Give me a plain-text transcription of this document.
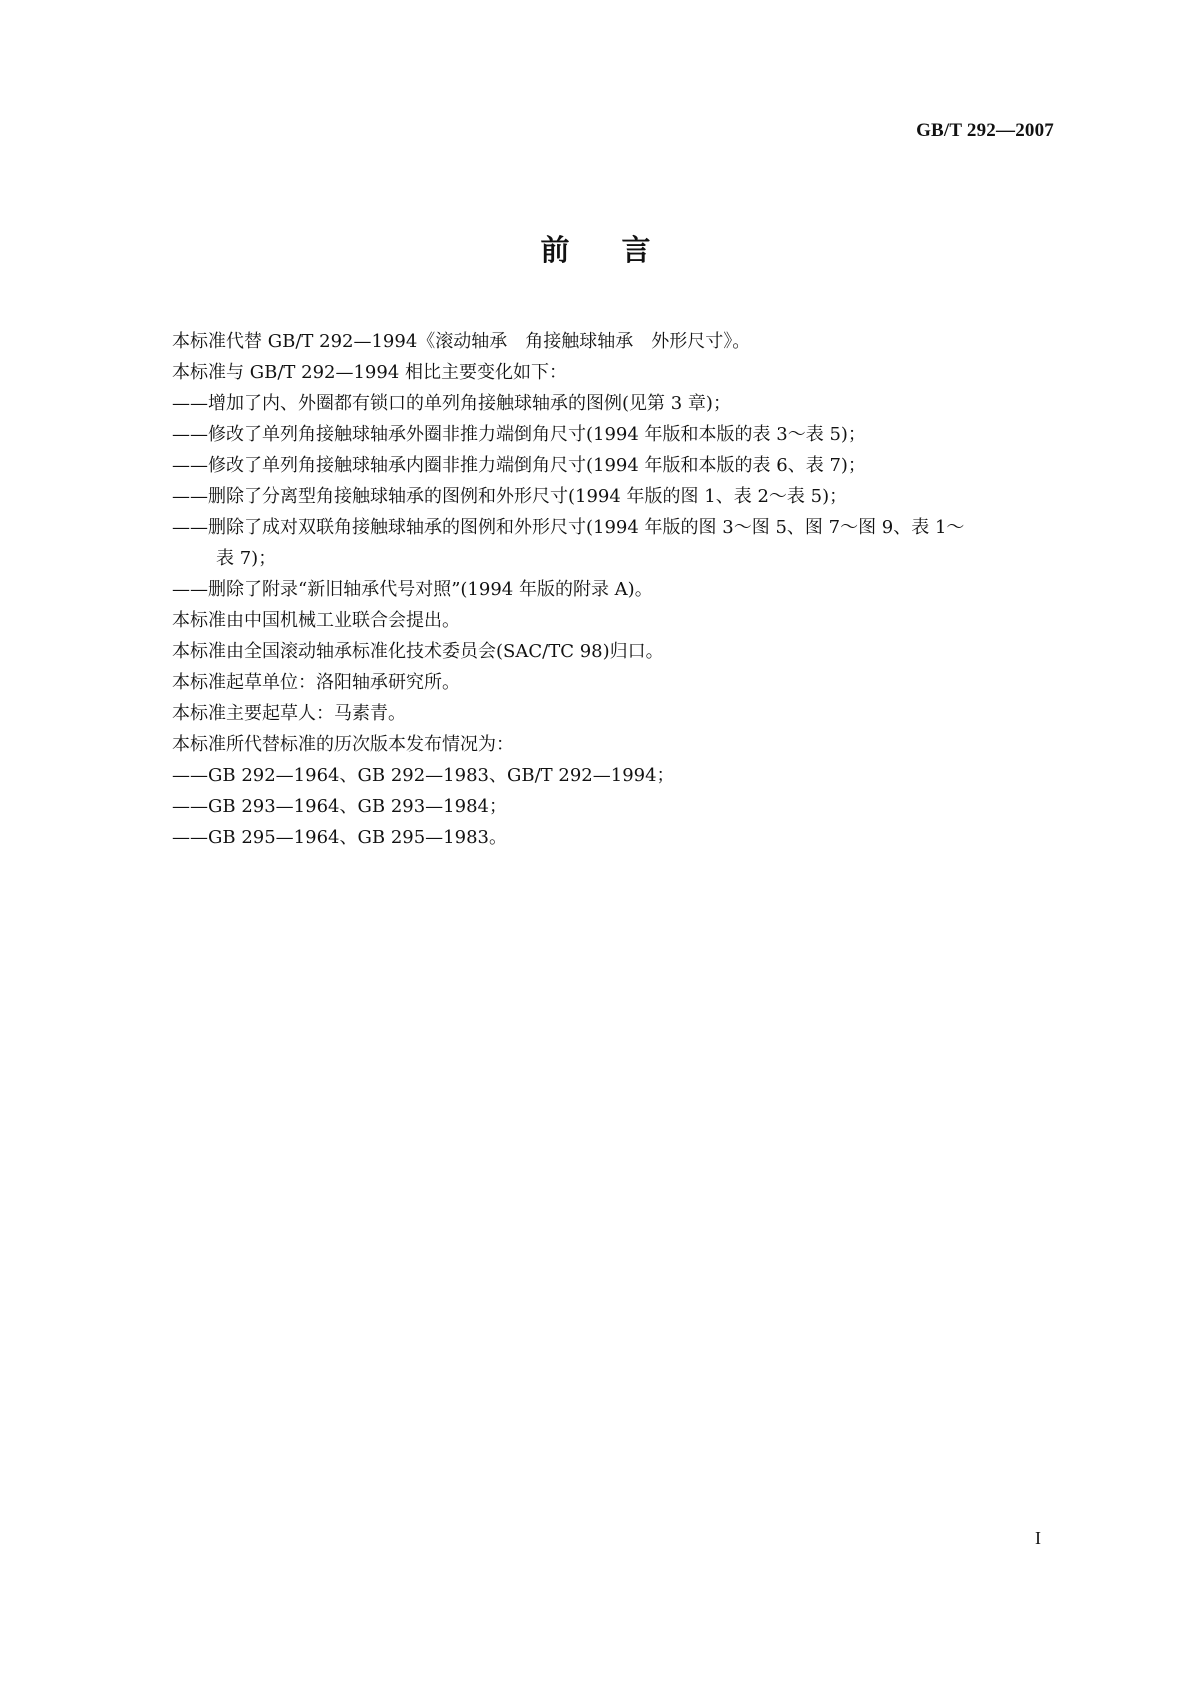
GB/T 292—2007
前言

本标准代替 GB/T 292—1994《滚动轴承　角接触球轴承　外形尺寸》。

本标准与 GB/T 292—1994 相比主要变化如下：

——增加了内、外圈都有锁口的单列角接触球轴承的图例(见第 3 章)；

——修改了单列角接触球轴承外圈非推力端倒角尺寸(1994 年版和本版的表 3～表 5)；

——修改了单列角接触球轴承内圈非推力端倒角尺寸(1994 年版和本版的表 6、表 7)；

——删除了分离型角接触球轴承的图例和外形尺寸(1994 年版的图 1、表 2～表 5)；

——删除了成对双联角接触球轴承的图例和外形尺寸(1994 年版的图 3～图 5、图 7～图 9、表 1～

表 7)；

——删除了附录“新旧轴承代号对照”(1994 年版的附录 A)。

本标准由中国机械工业联合会提出。

本标准由全国滚动轴承标准化技术委员会(SAC/TC 98)归口。

本标准起草单位：洛阳轴承研究所。

本标准主要起草人：马素青。

本标准所代替标准的历次版本发布情况为：

——GB 292—1964、GB 292—1983、GB/T 292—1994；

——GB 293—1964、GB 293—1984；

——GB 295—1964、GB 295—1983。

I
